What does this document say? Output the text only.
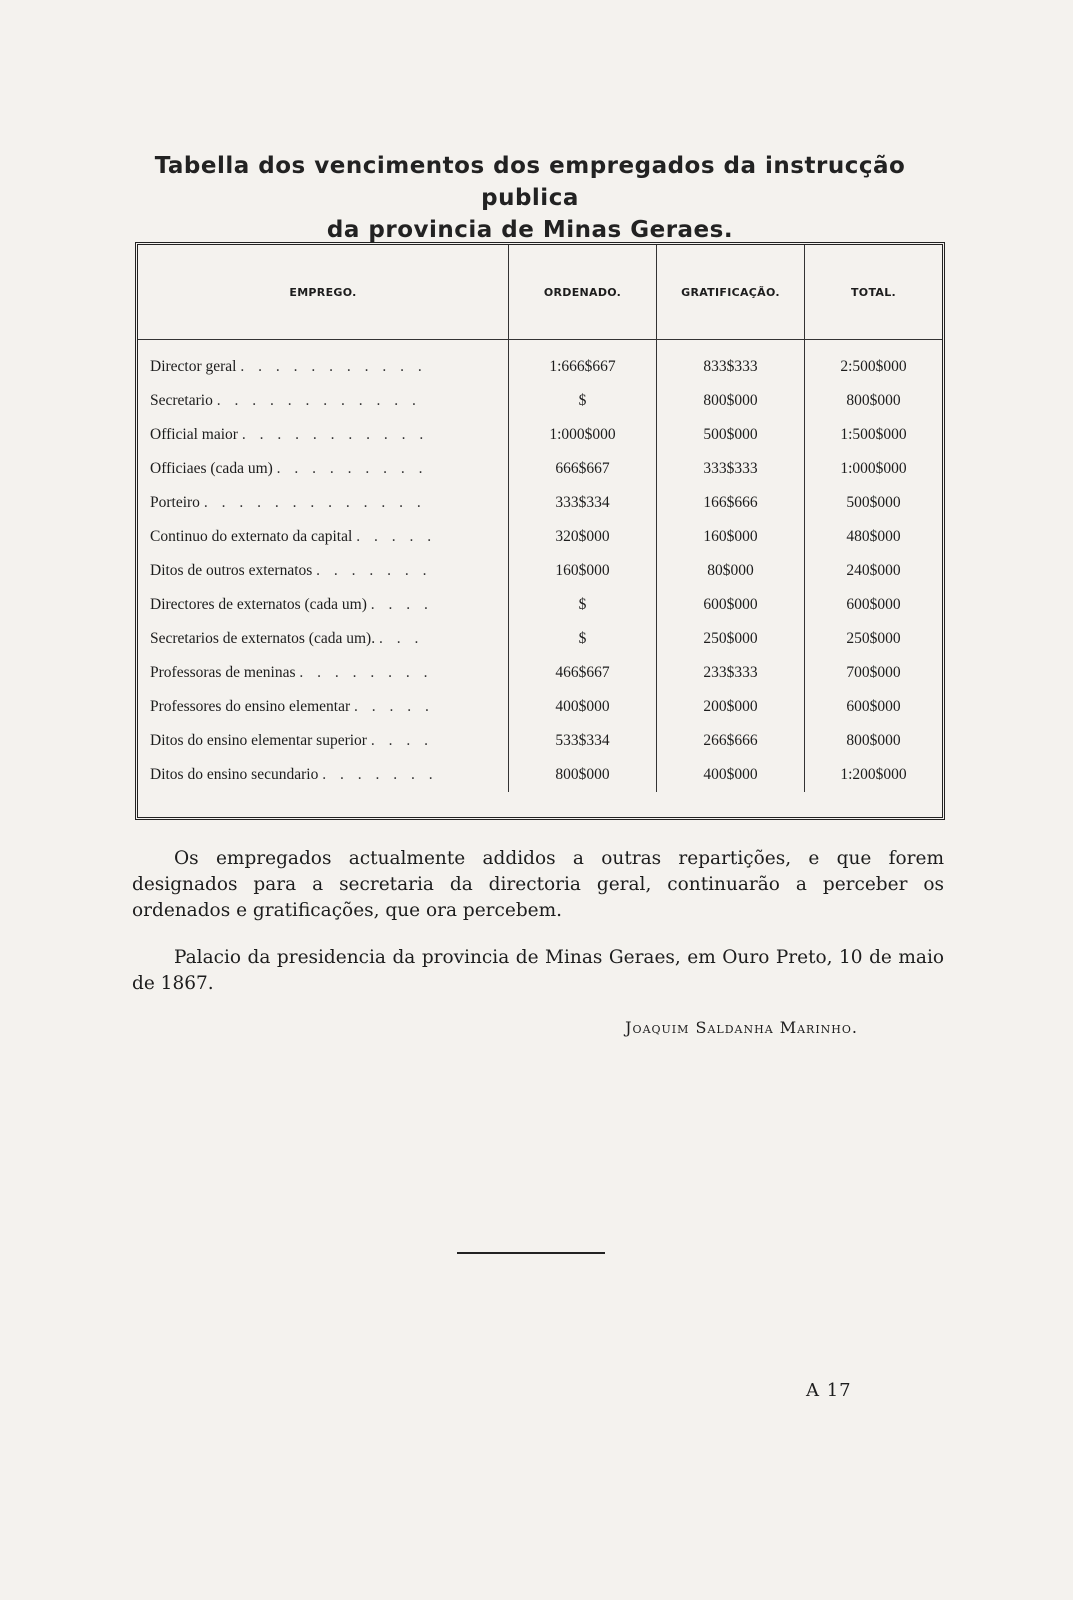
Tabella dos vencimentos dos empregados da instrucção publica
da provincia de Minas Geraes.
EMPREGO.	ORDENADO.	GRATIFICAÇÃO.	TOTAL.
Director geral . . . . . . . . . . .	1:666$667	833$333	2:500$000
Secretario . . . . . . . . . . . .	$	800$000	800$000
Official maior . . . . . . . . . . .	1:000$000	500$000	1:500$000
Officiaes (cada um) . . . . . . . . .	666$667	333$333	1:000$000
Porteiro . . . . . . . . . . . . .	333$334	166$666	500$000
Continuo do externato da capital . . . . .	320$000	160$000	480$000
Ditos de outros externatos . . . . . . .	160$000	80$000	240$000
Directores de externatos (cada um) . . . .	$	600$000	600$000
Secretarios de externatos (cada um). . . .	$	250$000	250$000
Professoras de meninas . . . . . . . .	466$667	233$333	700$000
Professores do ensino elementar . . . . .	400$000	200$000	600$000
Ditos do ensino elementar superior . . . .	533$334	266$666	800$000
Ditos do ensino secundario . . . . . . .	800$000	400$000	1:200$000
Os empregados actualmente addidos a outras repartições, e que forem designados para a secretaria da directoria geral, continuarão a perceber os ordenados e gratificações, que ora percebem.
Palacio da presidencia da provincia de Minas Geraes, em Ouro Preto, 10 de maio de 1867.
Joaquim Saldanha Marinho.
A 17
